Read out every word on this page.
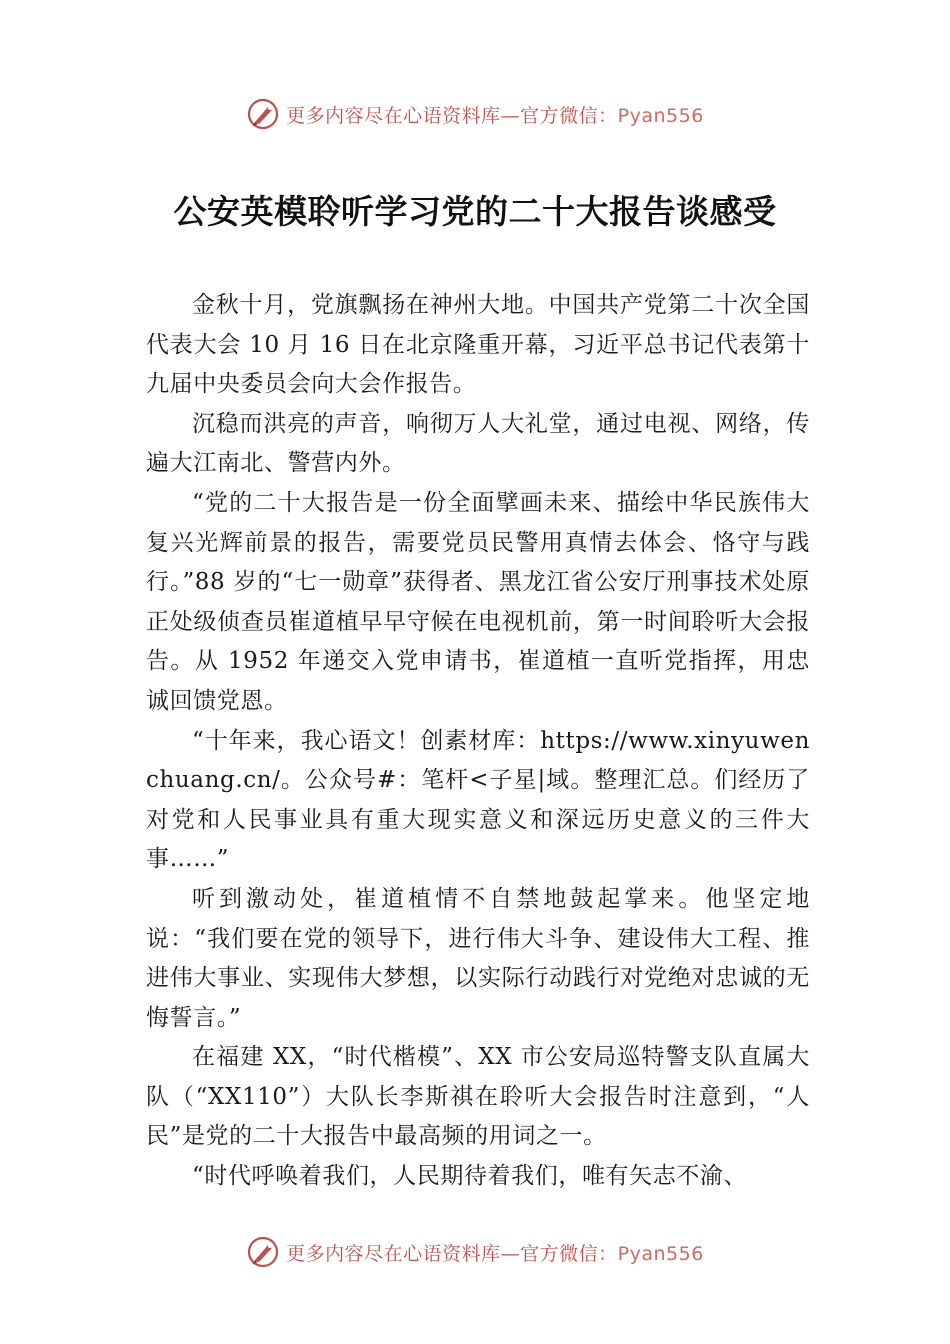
更多内容尽在心语资料库—官方微信：Pyan556
公安英模聆听学习党的二十大报告谈感受

金秋十月，党旗飘扬在神州大地。中国共产党第二十次全国代表大会 10 月 16 日在北京隆重开幕，习近平总书记代表第十九届中央委员会向大会作报告。

沉稳而洪亮的声音，响彻万人大礼堂，通过电视、网络，传遍大江南北、警营内外。

“党的二十大报告是一份全面擘画未来、描绘中华民族伟大复兴光辉前景的报告，需要党员民警用真情去体会、恪守与践行。”88 岁的“七一勋章”获得者、黑龙江省公安厅刑事技术处原正处级侦查员崔道植早早守候在电视机前，第一时间聆听大会报告。从 1952 年递交入党申请书，崔道植一直听党指挥，用忠诚回馈党恩。

“十年来，我心语文！创素材库：https://www.xinyuwenchuang.cn/。公众号#：笔杆<子星|域。整理汇总。们经历了对党和人民事业具有重大现实意义和深远历史意义的三件大事……”

听到激动处，崔道植情不自禁地鼓起掌来。他坚定地说：“我们要在党的领导下，进行伟大斗争、建设伟大工程、推进伟大事业、实现伟大梦想，以实际行动践行对党绝对忠诚的无悔誓言。”

在福建 XX，“时代楷模”、XX 市公安局巡特警支队直属大队（“XX110”）大队长李斯祺在聆听大会报告时注意到，“人民”是党的二十大报告中最高频的用词之一。

“时代呼唤着我们，人民期待着我们，唯有矢志不渝、

更多内容尽在心语资料库—官方微信：Pyan556
